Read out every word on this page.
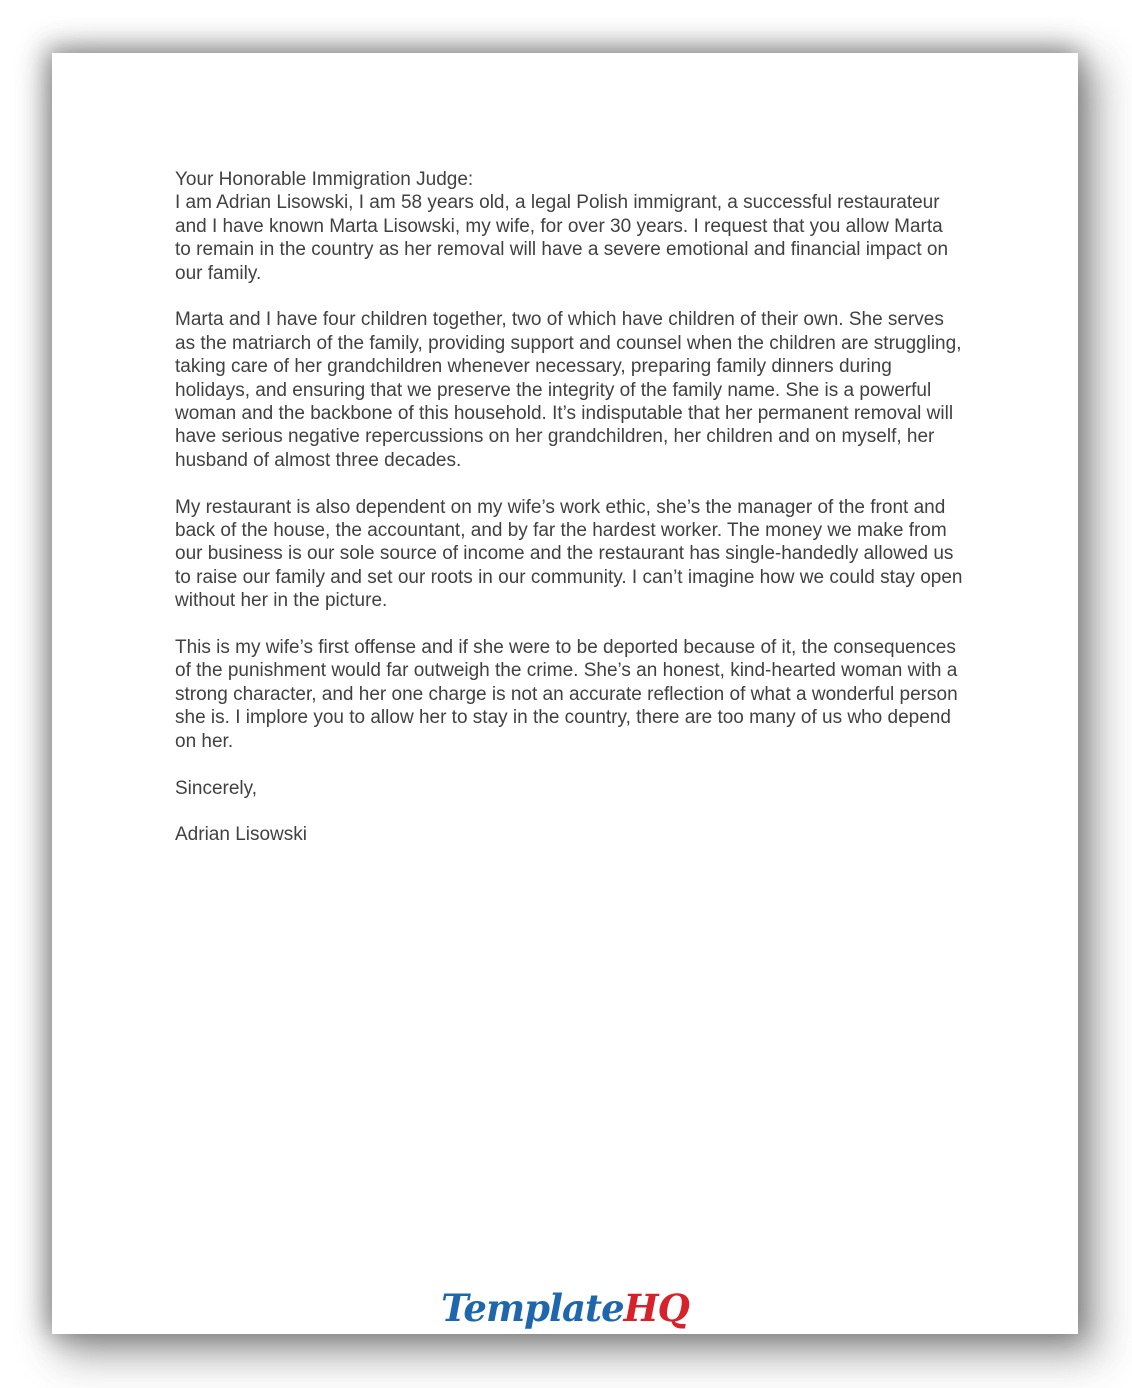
Your Honorable Immigration Judge:
I am Adrian Lisowski, I am 58 years old, a legal Polish immigrant, a successful restaurateur and I have known Marta Lisowski, my wife, for over 30 years. I request that you allow Marta to remain in the country as her removal will have a severe emotional and financial impact on our family.

Marta and I have four children together, two of which have children of their own. She serves as the matriarch of the family, providing support and counsel when the children are struggling, taking care of her grandchildren whenever necessary, preparing family dinners during holidays, and ensuring that we preserve the integrity of the family name. She is a powerful woman and the backbone of this household. It’s indisputable that her permanent removal will have serious negative repercussions on her grandchildren, her children and on myself, her husband of almost three decades.

My restaurant is also dependent on my wife’s work ethic, she’s the manager of the front and back of the house, the accountant, and by far the hardest worker. The money we make from our business is our sole source of income and the restaurant has single-handedly allowed us to raise our family and set our roots in our community. I can’t imagine how we could stay open without her in the picture.

This is my wife’s first offense and if she were to be deported because of it, the consequences of the punishment would far outweigh the crime. She’s an honest, kind-hearted woman with a strong character, and her one charge is not an accurate reflection of what a wonderful person she is. I implore you to allow her to stay in the country, there are too many of us who depend on her.

Sincerely,

Adrian Lisowski

TemplateHQ
